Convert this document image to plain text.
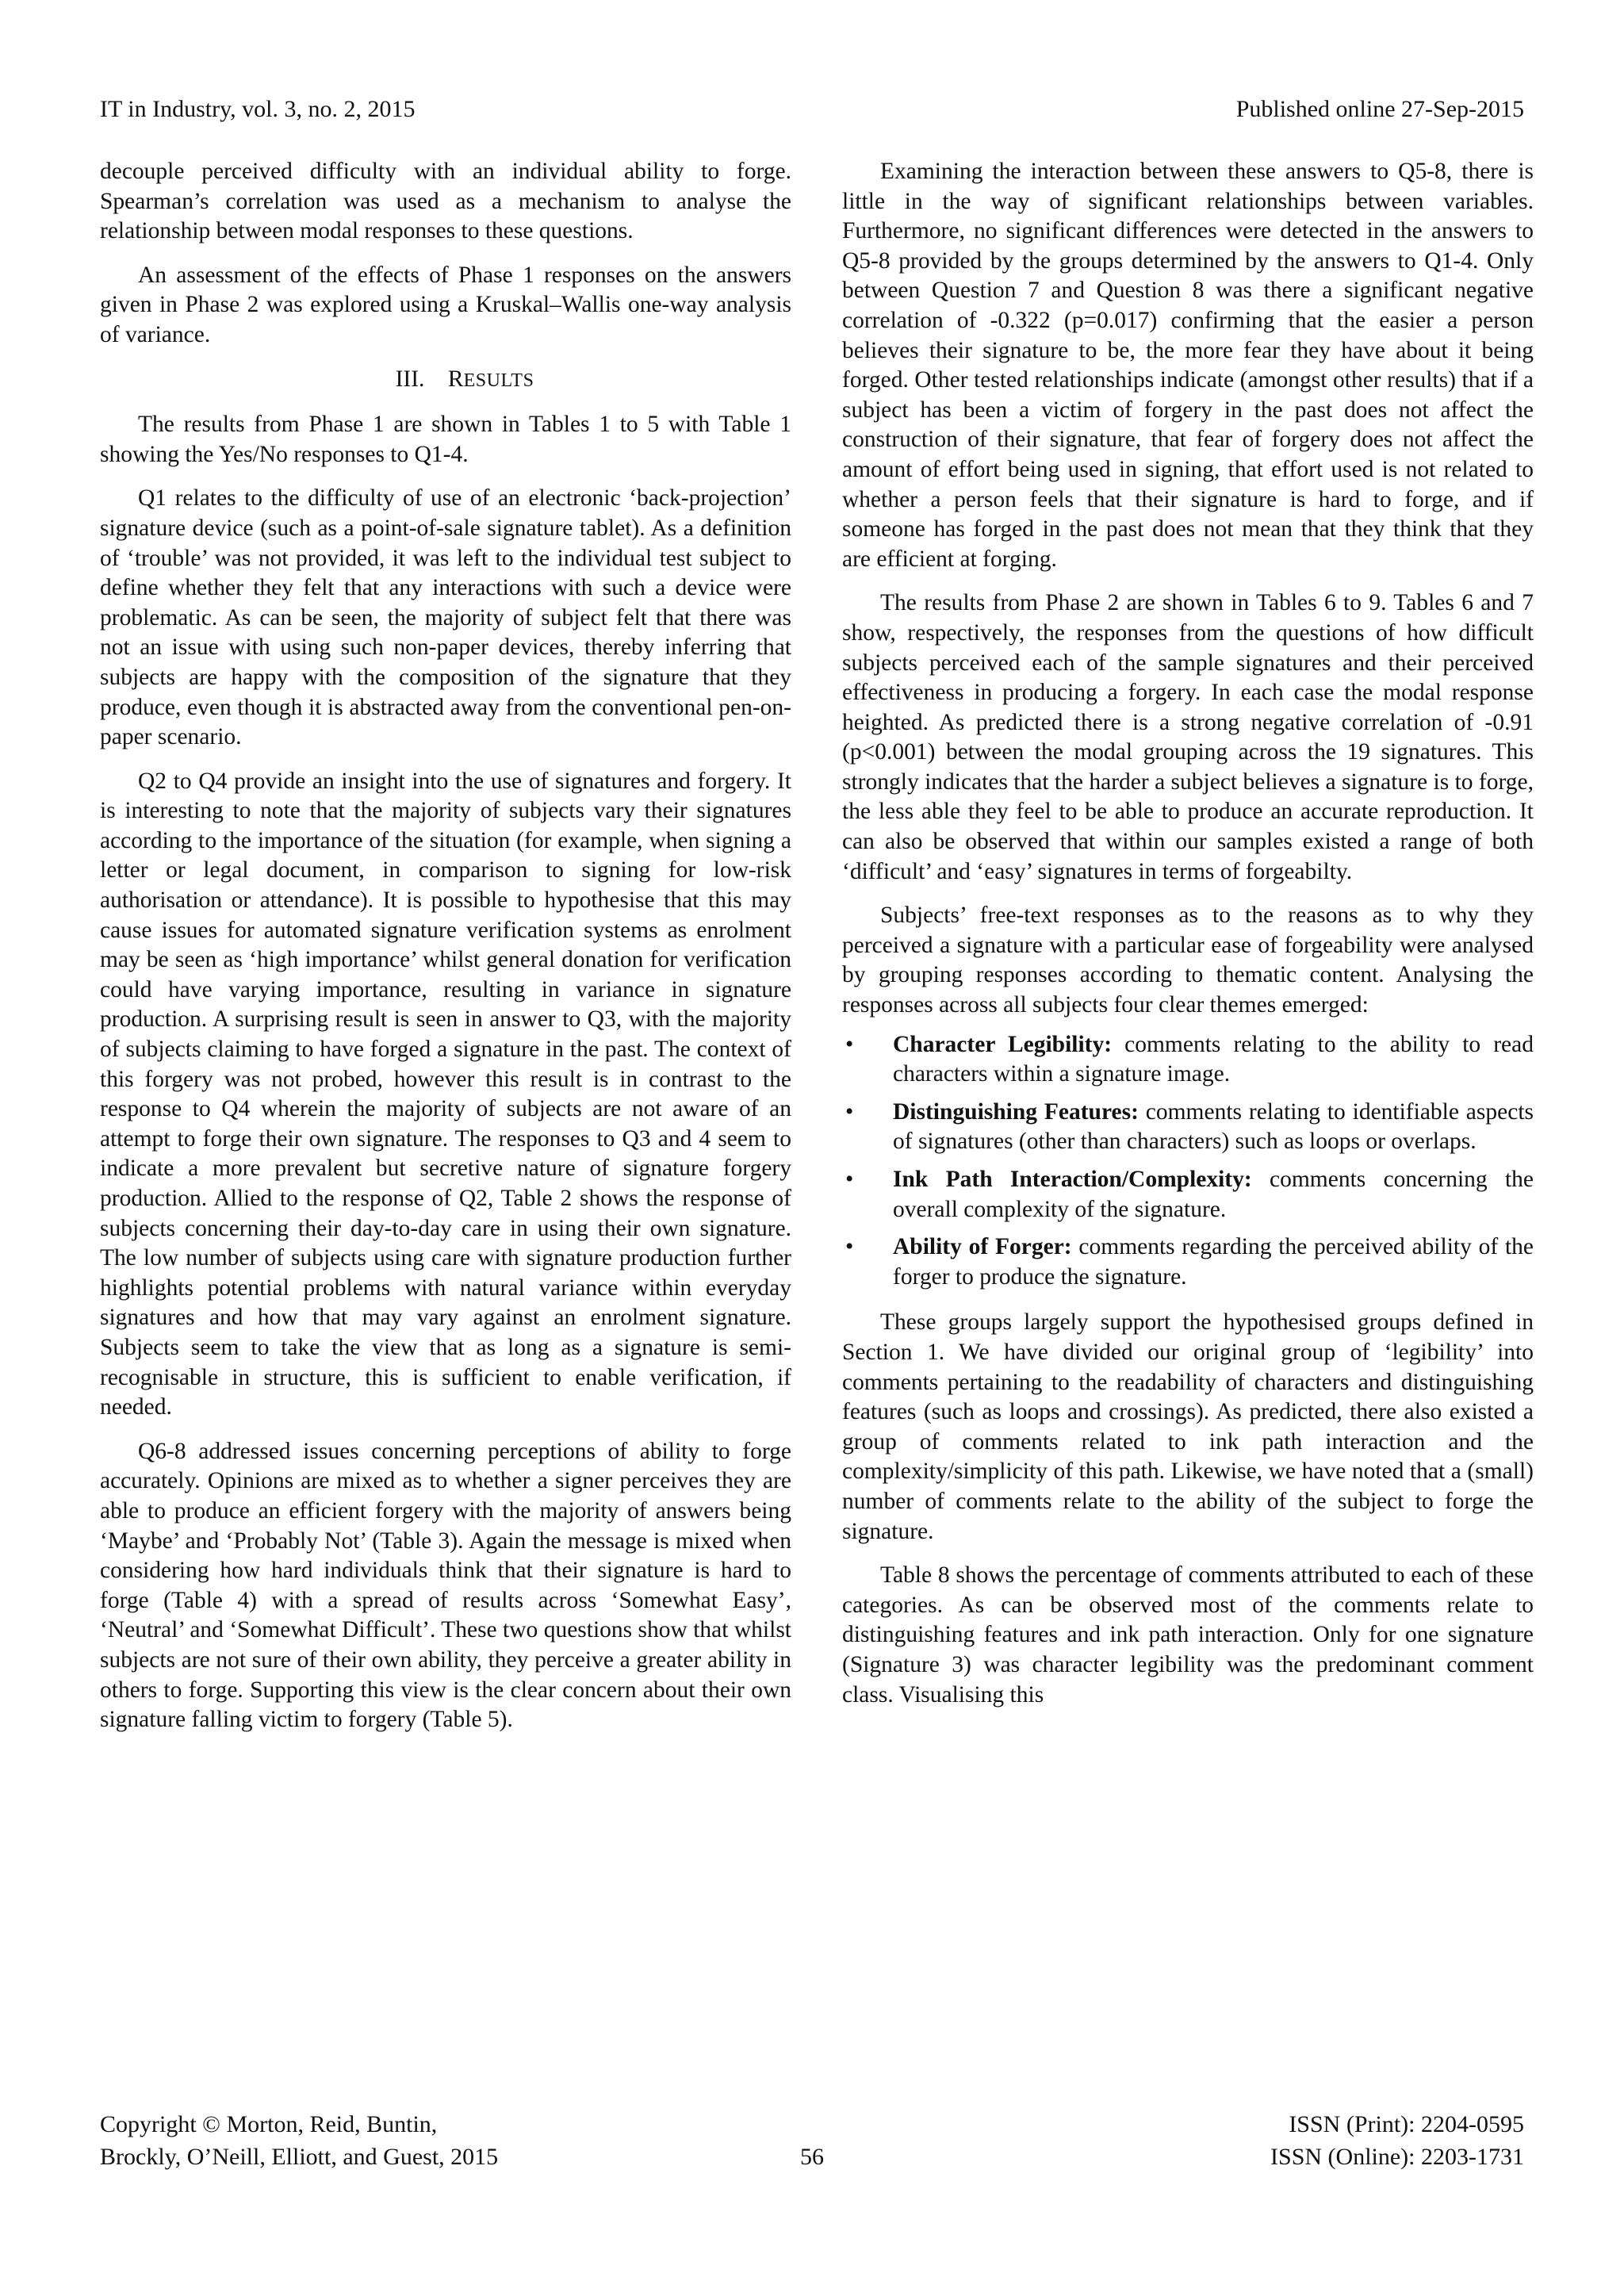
IT in Industry, vol. 3, no. 2, 2015	Published online 27-Sep-2015

decouple perceived difficulty with an individual ability to forge. Spearman’s correlation was used as a mechanism to analyse the relationship between modal responses to these questions.

An assessment of the effects of Phase 1 responses on the answers given in Phase 2 was explored using a Kruskal–Wallis one-way analysis of variance.

III. RESULTS

The results from Phase 1 are shown in Tables 1 to 5 with Table 1 showing the Yes/No responses to Q1-4.

Q1 relates to the difficulty of use of an electronic ‘back-projection’ signature device (such as a point-of-sale signature tablet). As a definition of ‘trouble’ was not provided, it was left to the individual test subject to define whether they felt that any interactions with such a device were problematic. As can be seen, the majority of subject felt that there was not an issue with using such non-paper devices, thereby inferring that subjects are happy with the composition of the signature that they produce, even though it is abstracted away from the conventional pen-on-paper scenario.

Q2 to Q4 provide an insight into the use of signatures and forgery. It is interesting to note that the majority of subjects vary their signatures according to the importance of the situation (for example, when signing a letter or legal document, in comparison to signing for low-risk authorisation or attendance). It is possible to hypothesise that this may cause issues for automated signature verification systems as enrolment may be seen as ‘high importance’ whilst general donation for verification could have varying importance, resulting in variance in signature production. A surprising result is seen in answer to Q3, with the majority of subjects claiming to have forged a signature in the past. The context of this forgery was not probed, however this result is in contrast to the response to Q4 wherein the majority of subjects are not aware of an attempt to forge their own signature. The responses to Q3 and 4 seem to indicate a more prevalent but secretive nature of signature forgery production. Allied to the response of Q2, Table 2 shows the response of subjects concerning their day-to-day care in using their own signature. The low number of subjects using care with signature production further highlights potential problems with natural variance within everyday signatures and how that may vary against an enrolment signature. Subjects seem to take the view that as long as a signature is semi-recognisable in structure, this is sufficient to enable verification, if needed.

Q6-8 addressed issues concerning perceptions of ability to forge accurately. Opinions are mixed as to whether a signer perceives they are able to produce an efficient forgery with the majority of answers being ‘Maybe’ and ‘Probably Not’ (Table 3). Again the message is mixed when considering how hard individuals think that their signature is hard to forge (Table 4) with a spread of results across ‘Somewhat Easy’, ‘Neutral’ and ‘Somewhat Difficult’. These two questions show that whilst subjects are not sure of their own ability, they perceive a greater ability in others to forge. Supporting this view is the clear concern about their own signature falling victim to forgery (Table 5).

Examining the interaction between these answers to Q5-8, there is little in the way of significant relationships between variables. Furthermore, no significant differences were detected in the answers to Q5-8 provided by the groups determined by the answers to Q1-4. Only between Question 7 and Question 8 was there a significant negative correlation of -0.322 (p=0.017) confirming that the easier a person believes their signature to be, the more fear they have about it being forged. Other tested relationships indicate (amongst other results) that if a subject has been a victim of forgery in the past does not affect the construction of their signature, that fear of forgery does not affect the amount of effort being used in signing, that effort used is not related to whether a person feels that their signature is hard to forge, and if someone has forged in the past does not mean that they think that they are efficient at forging.

The results from Phase 2 are shown in Tables 6 to 9. Tables 6 and 7 show, respectively, the responses from the questions of how difficult subjects perceived each of the sample signatures and their perceived effectiveness in producing a forgery. In each case the modal response heighted. As predicted there is a strong negative correlation of -0.91 (p<0.001) between the modal grouping across the 19 signatures. This strongly indicates that the harder a subject believes a signature is to forge, the less able they feel to be able to produce an accurate reproduction. It can also be observed that within our samples existed a range of both ‘difficult’ and ‘easy’ signatures in terms of forgeabilty.

Subjects’ free-text responses as to the reasons as to why they perceived a signature with a particular ease of forgeability were analysed by grouping responses according to thematic content. Analysing the responses across all subjects four clear themes emerged:

• Character Legibility: comments relating to the ability to read characters within a signature image.
• Distinguishing Features: comments relating to identifiable aspects of signatures (other than characters) such as loops or overlaps.
• Ink Path Interaction/Complexity: comments concerning the overall complexity of the signature.
• Ability of Forger: comments regarding the perceived ability of the forger to produce the signature.

These groups largely support the hypothesised groups defined in Section 1. We have divided our original group of ‘legibility’ into comments pertaining to the readability of characters and distinguishing features (such as loops and crossings). As predicted, there also existed a group of comments related to ink path interaction and the complexity/simplicity of this path. Likewise, we have noted that a (small) number of comments relate to the ability of the subject to forge the signature.

Table 8 shows the percentage of comments attributed to each of these categories. As can be observed most of the comments relate to distinguishing features and ink path interaction. Only for one signature (Signature 3) was character legibility was the predominant comment class. Visualising this

Copyright © Morton, Reid, Buntin,
Brockly, O’Neill, Elliott, and Guest, 2015	56
ISSN (Print): 2204-0595
ISSN (Online): 2203-1731
